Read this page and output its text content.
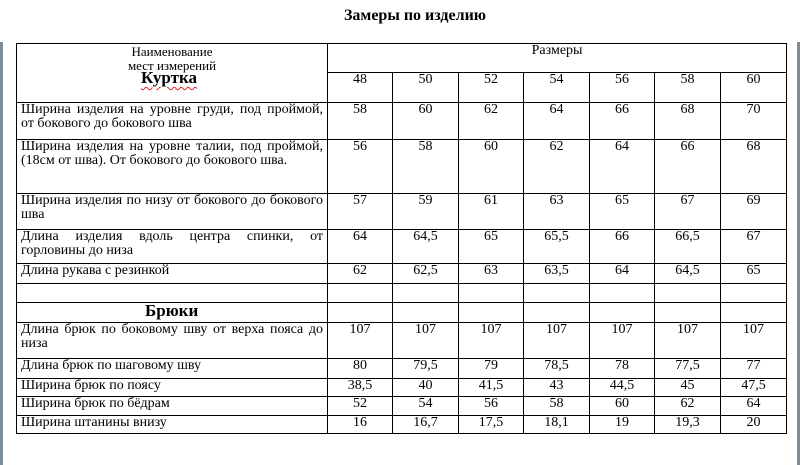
Замеры по изделию
Наименование
мест измерений
Куртка	Размеры						
	48	50	52	54	56	58	60
Ширина изделия на уровне груди, под проймой, от бокового до бокового шва	58	60	62	64	66	68	70
Ширина изделия на уровне талии, под проймой, (18см от шва). От бокового до бокового шва.	56	58	60	62	64	66	68
Ширина изделия по низу от бокового до бокового шва	57	59	61	63	65	67	69
Длина изделия вдоль центра спинки, от горловины до низа	64	64,5	65	65,5	66	66,5	67
Длина рукава с резинкой	62	62,5	63	63,5	64	64,5	65

Брюки							

Длина брюк по боковому шву от верха пояса до низа	107	107	107	107	107	107	107
Длина брюк по шаговому шву	80	79,5	79	78,5	78	77,5	77
Ширина брюк по поясу	38,5	40	41,5	43	44,5	45	47,5
Ширина брюк по бёдрам	52	54	56	58	60	62	64
Ширина штанины внизу	16	16,7	17,5	18,1	19	19,3	20
